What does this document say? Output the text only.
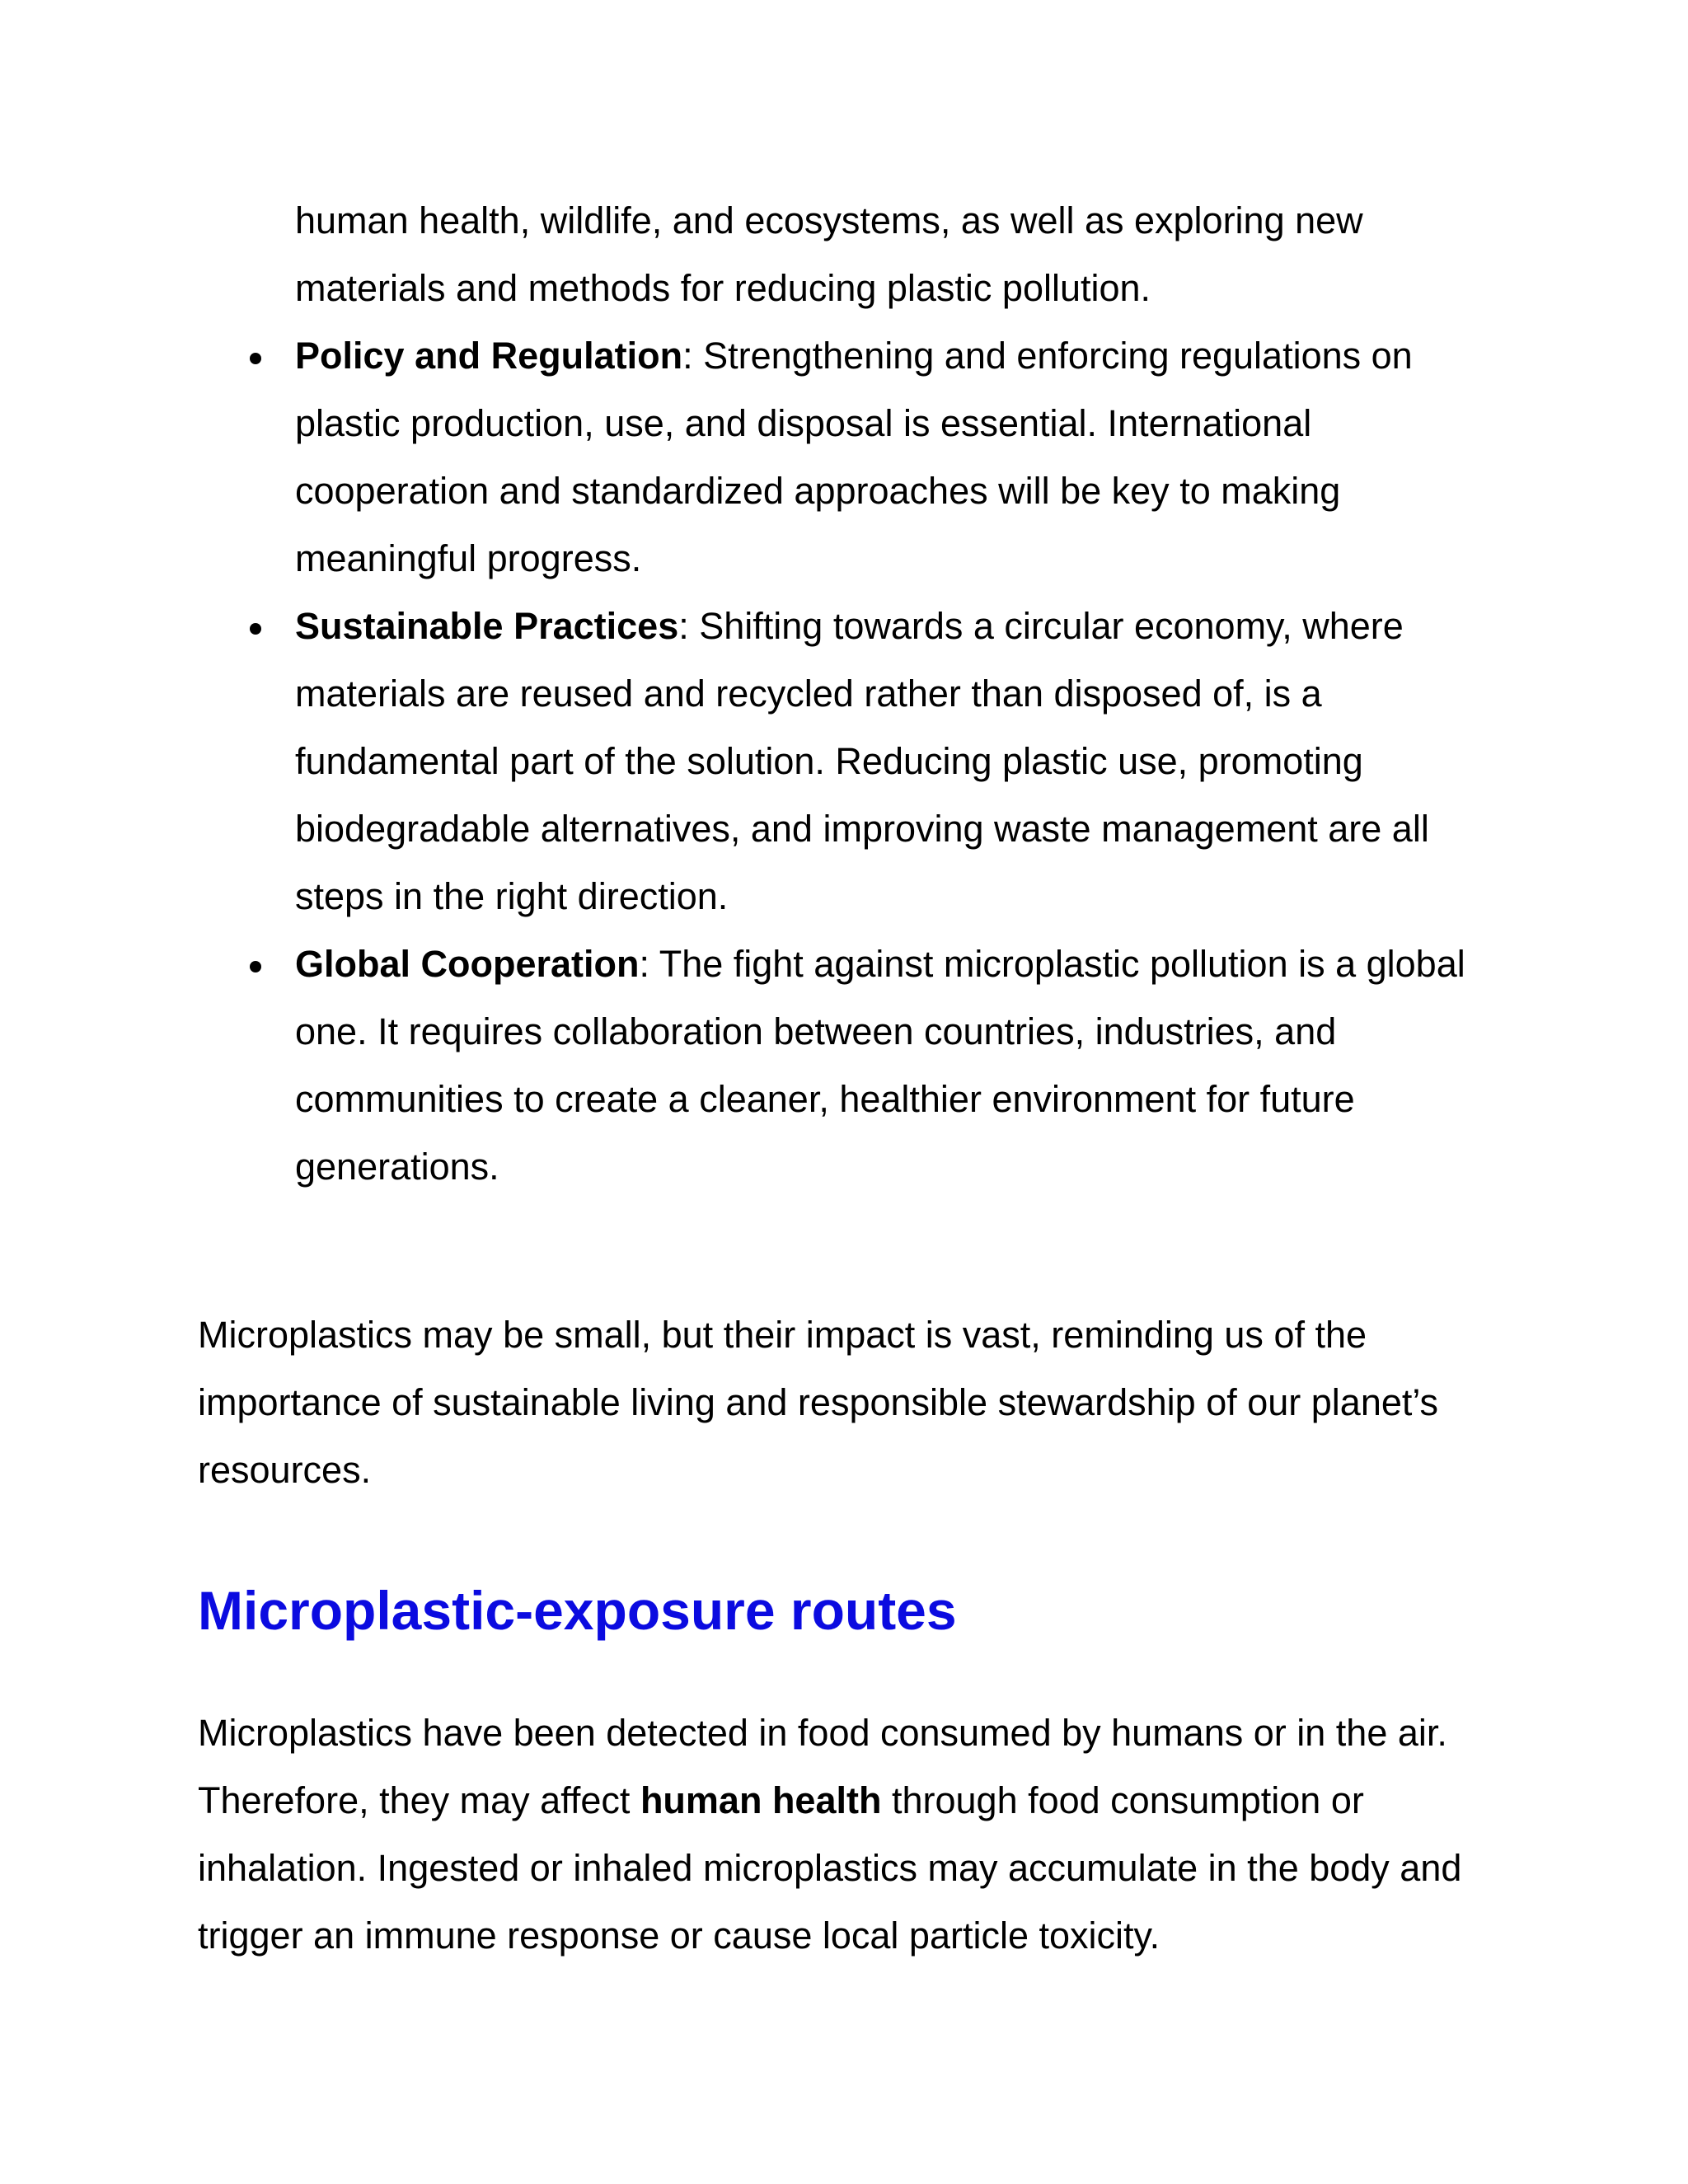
human health, wildlife, and ecosystems, as well as exploring new materials and methods for reducing plastic pollution.

Policy and Regulation: Strengthening and enforcing regulations on plastic production, use, and disposal is essential. International cooperation and standardized approaches will be key to making meaningful progress.
Sustainable Practices: Shifting towards a circular economy, where materials are reused and recycled rather than disposed of, is a fundamental part of the solution. Reducing plastic use, promoting biodegradable alternatives, and improving waste management are all steps in the right direction.
Global Cooperation: The fight against microplastic pollution is a global one. It requires collaboration between countries, industries, and communities to create a cleaner, healthier environment for future generations.

Microplastics may be small, but their impact is vast, reminding us of the importance of sustainable living and responsible stewardship of our planet’s resources.

Microplastic-exposure routes

Microplastics have been detected in food consumed by humans or in the air. Therefore, they may affect human health through food consumption or inhalation. Ingested or inhaled microplastics may accumulate in the body and trigger an immune response or cause local particle toxicity.
